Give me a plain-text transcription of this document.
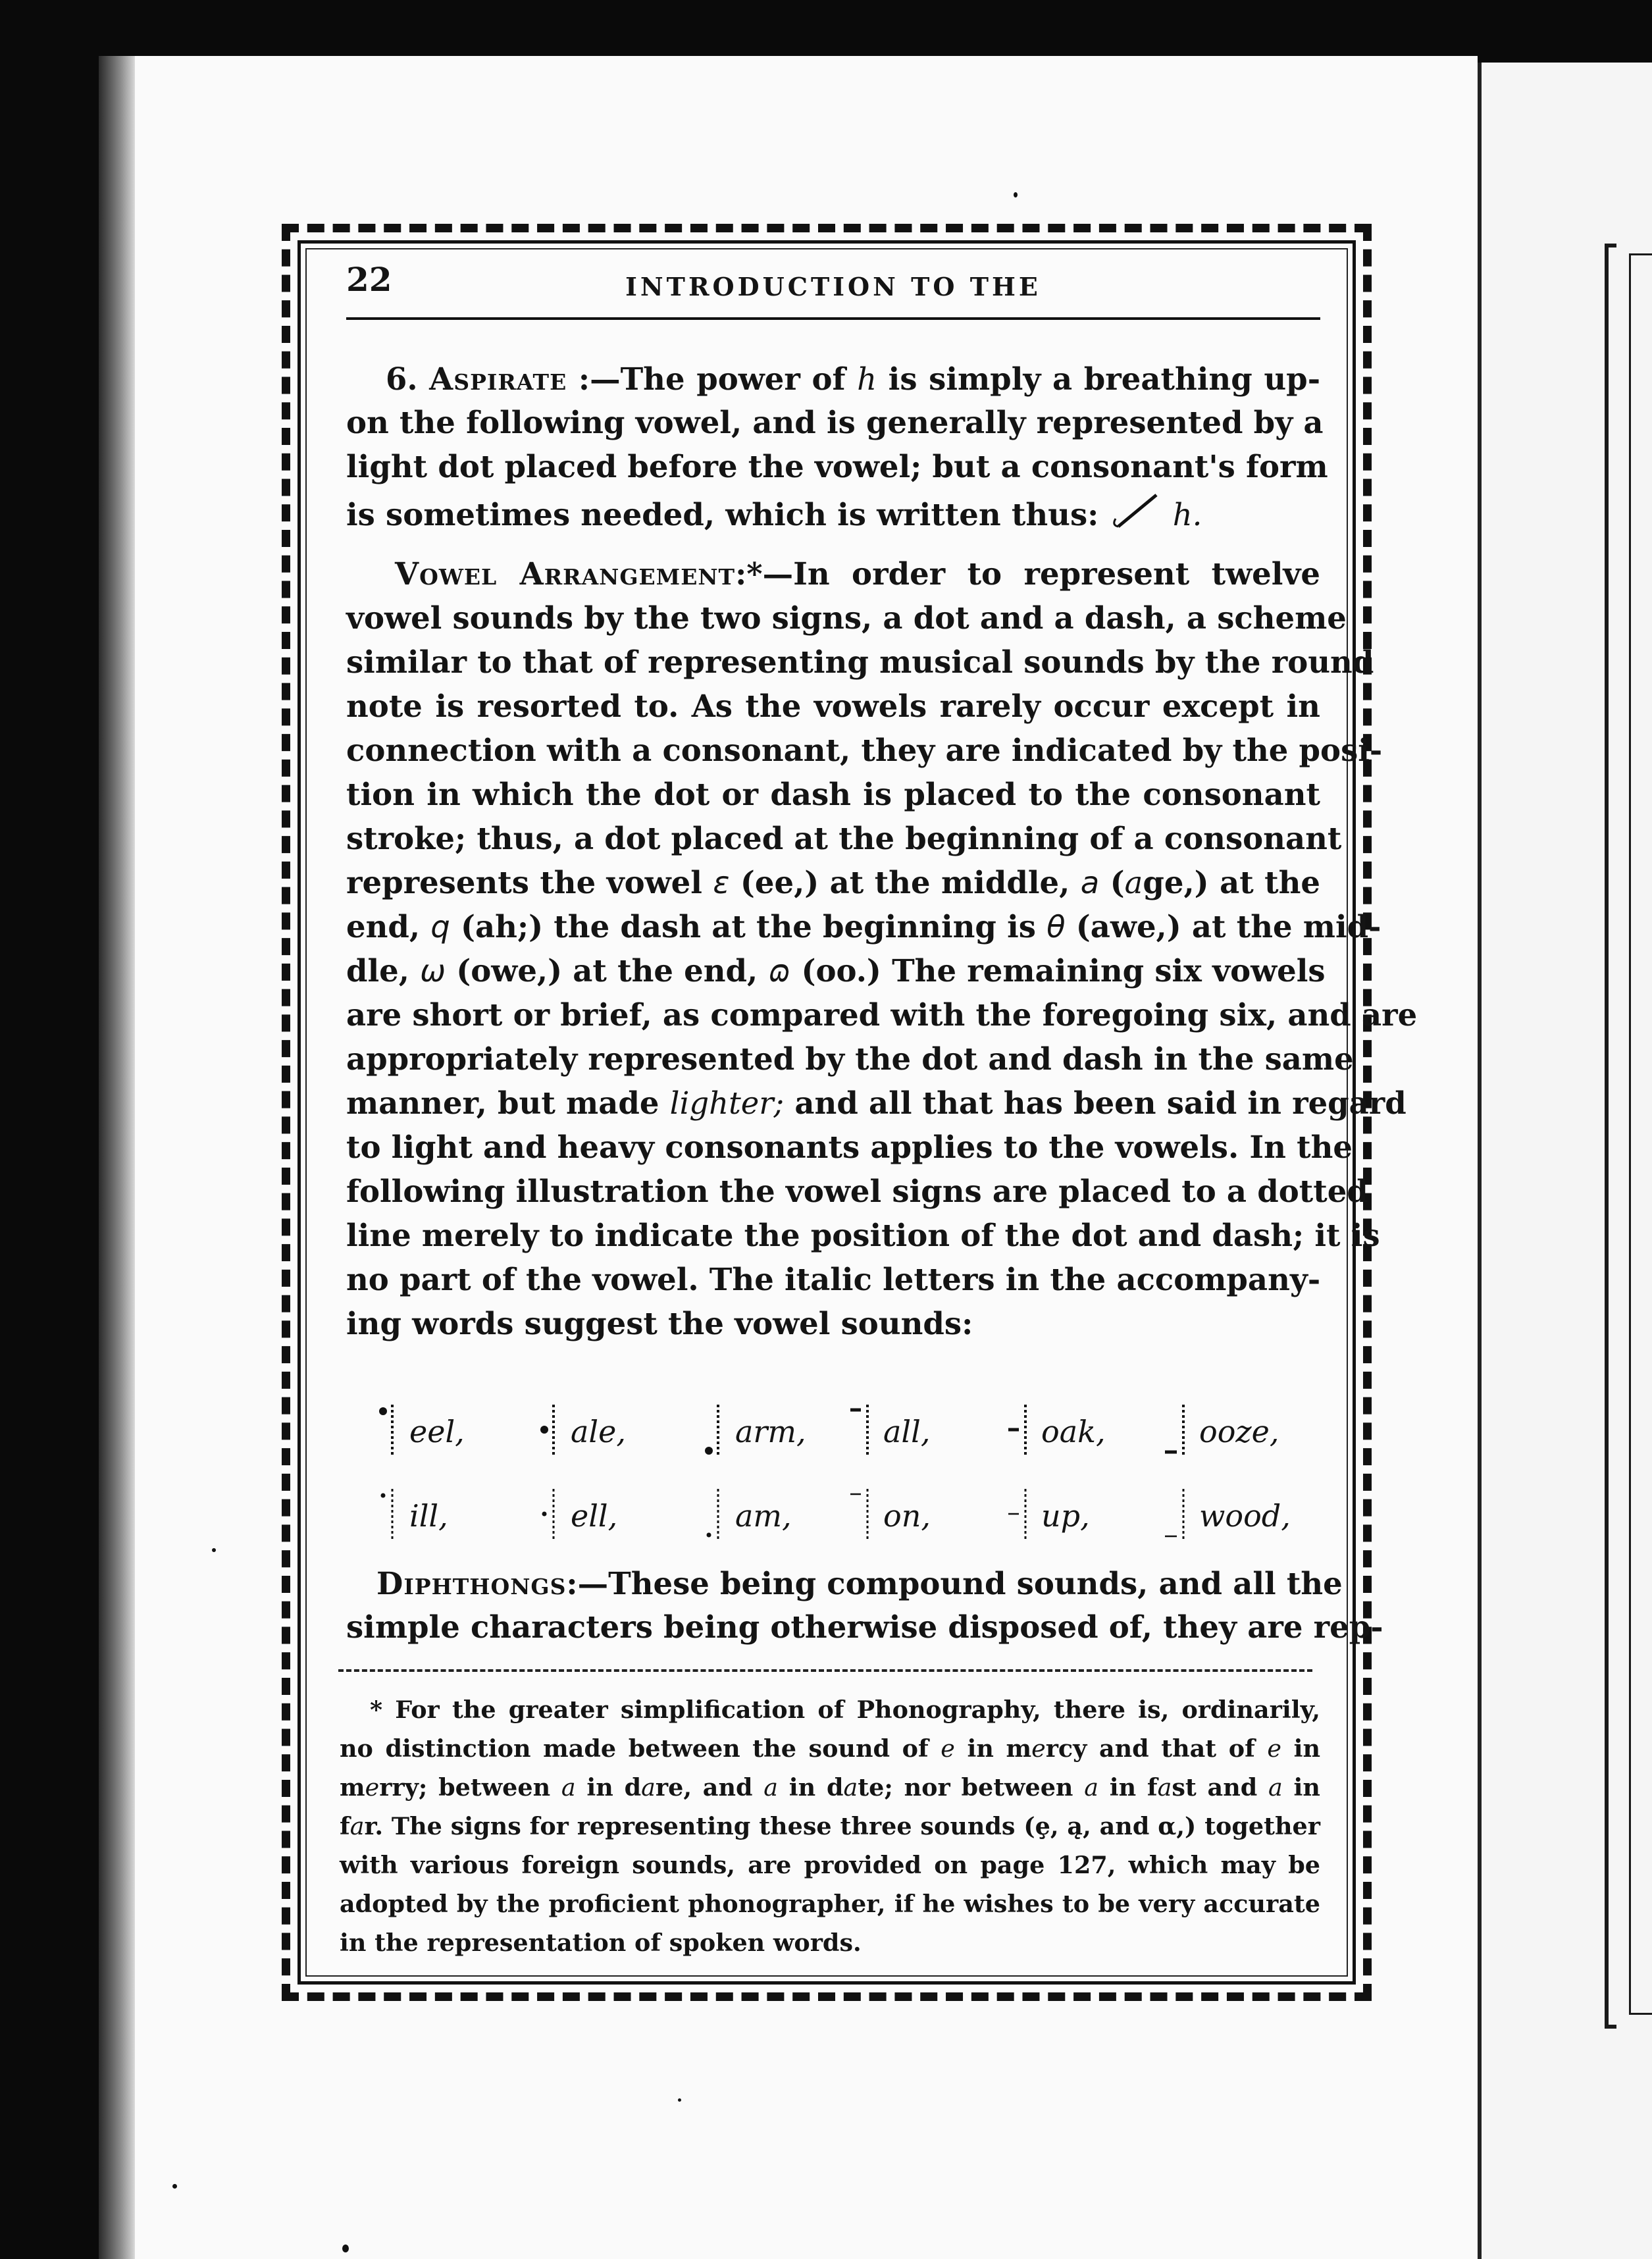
INTRODUCTION TO THE
22
6. Aspirate :—The power of h is simply a breathing up-
on the following vowel, and is generally represented by a
light dot placed before the vowel; but a consonant's form
is sometimes needed, which is written thus:  h.
Vowel Arrangement:*—In order to represent twelve
vowel sounds by the two signs, a dot and a dash, a scheme
similar to that of representing musical sounds by the round
note is resorted to. As the vowels rarely occur except in
connection with a consonant, they are indicated by the posi-
tion in which the dot or dash is placed to the consonant
stroke; thus, a dot placed at the beginning of a consonant
represents the vowel ε (ee,) at the middle, a (age,) at the
end, q (ah;) the dash at the beginning is θ (awe,) at the mid-
dle, ω (owe,) at the end, ɷ (oo.) The remaining six vowels
are short or brief, as compared with the foregoing six, and are
appropriately represented by the dot and dash in the same
manner, but made lighter; and all that has been said in regard
to light and heavy consonants applies to the vowels. In the
following illustration the vowel signs are placed to a dotted
line merely to indicate the position of the dot and dash; it is
no part of the vowel. The italic letters in the accompany-
ing words suggest the vowel sounds:
eel,	ale,	arm,	all,	oak,	ooze,
ill,	ell,	am,	on,	up,	wood,
Diphthongs:—These being compound sounds, and all the
simple characters being otherwise disposed of, they are rep-
* For the greater simplification of Phonography, there is, ordinarily,
no distinction made between the sound of e in mercy and that of e in
merry; between a in dare, and a in date; nor between a in fast and a in
far. The signs for representing these three sounds (ȩ, ą, and α,) together
with various foreign sounds, are provided on page 127, which may be
adopted by the proficient phonographer, if he wishes to be very accurate
in the representation of spoken words.
